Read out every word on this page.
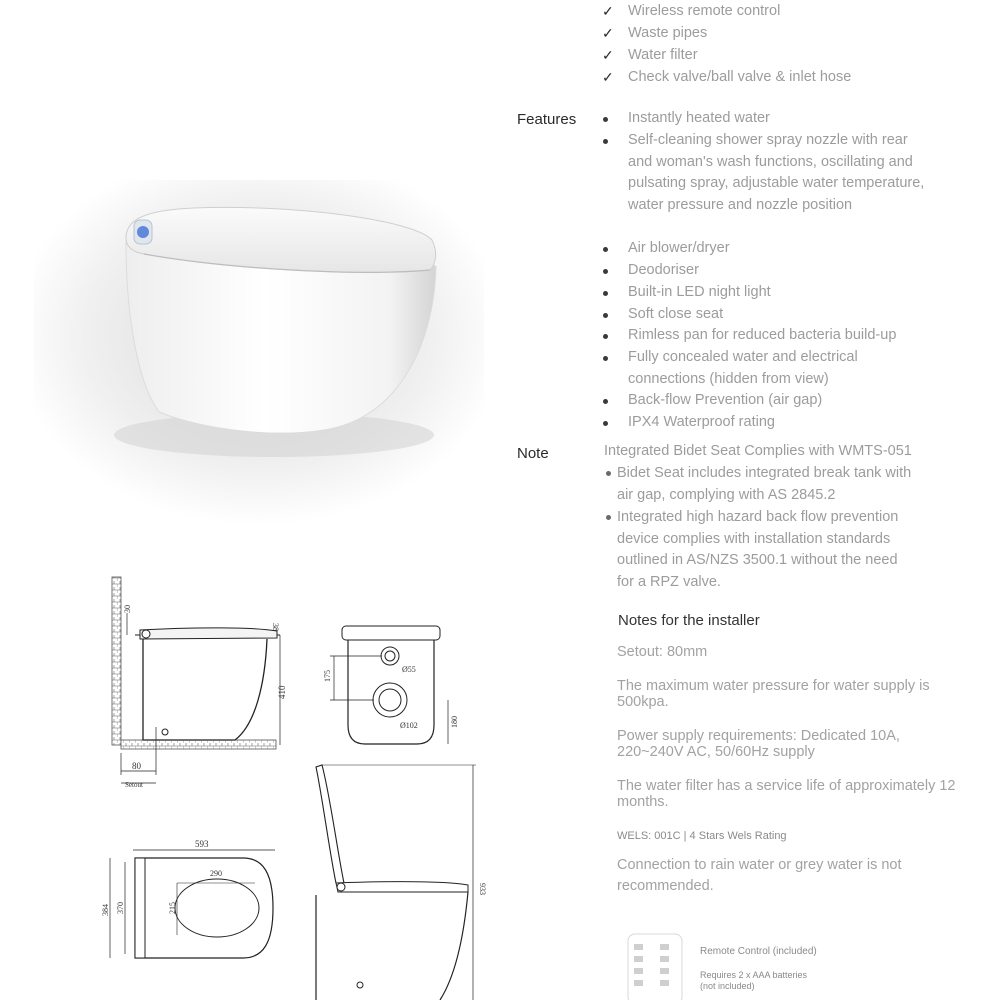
✓ Wireless remote control
✓ Waste pipes
✓ Water filter
✓ Check valve/ball valve & inlet hose
Features	Instantly heated water
Self-cleaning shower spray nozzle with rear and woman's wash functions, oscillating and pulsating spray, adjustable water temperature, water pressure and nozzle position
Air blower/dryer
Deodoriser
Built-in LED night light
Soft close seat
Rimless pan for reduced bacteria build-up
Fully concealed water and electrical connections (hidden from view)
Back-flow Prevention (air gap)
IPX4 Waterproof rating
Note	Integrated Bidet Seat Complies with WMTS-051
Bidet Seat includes integrated break tank with air gap, complying with AS 2845.2
Integrated high hazard back flow prevention device complies with installation standards outlined in AS/NZS 3500.1 without the need for a RPZ valve.
Notes for the installer
Setout: 80mm
The maximum water pressure for water supply is 500kpa.
Power supply requirements: Dedicated 10A, 220~240V AC, 50/60Hz supply
The water filter has a service life of approximately 12 months.
WELS: 001C | 4 Stars Wels Rating
Connection to rain water or grey water is not recommended.
Remote Control (included)
Requires 2 x AAA batteries (not included)
30
38
410
80
Setout
175
180
Ø55
Ø102
593
290
384 370	215
933
